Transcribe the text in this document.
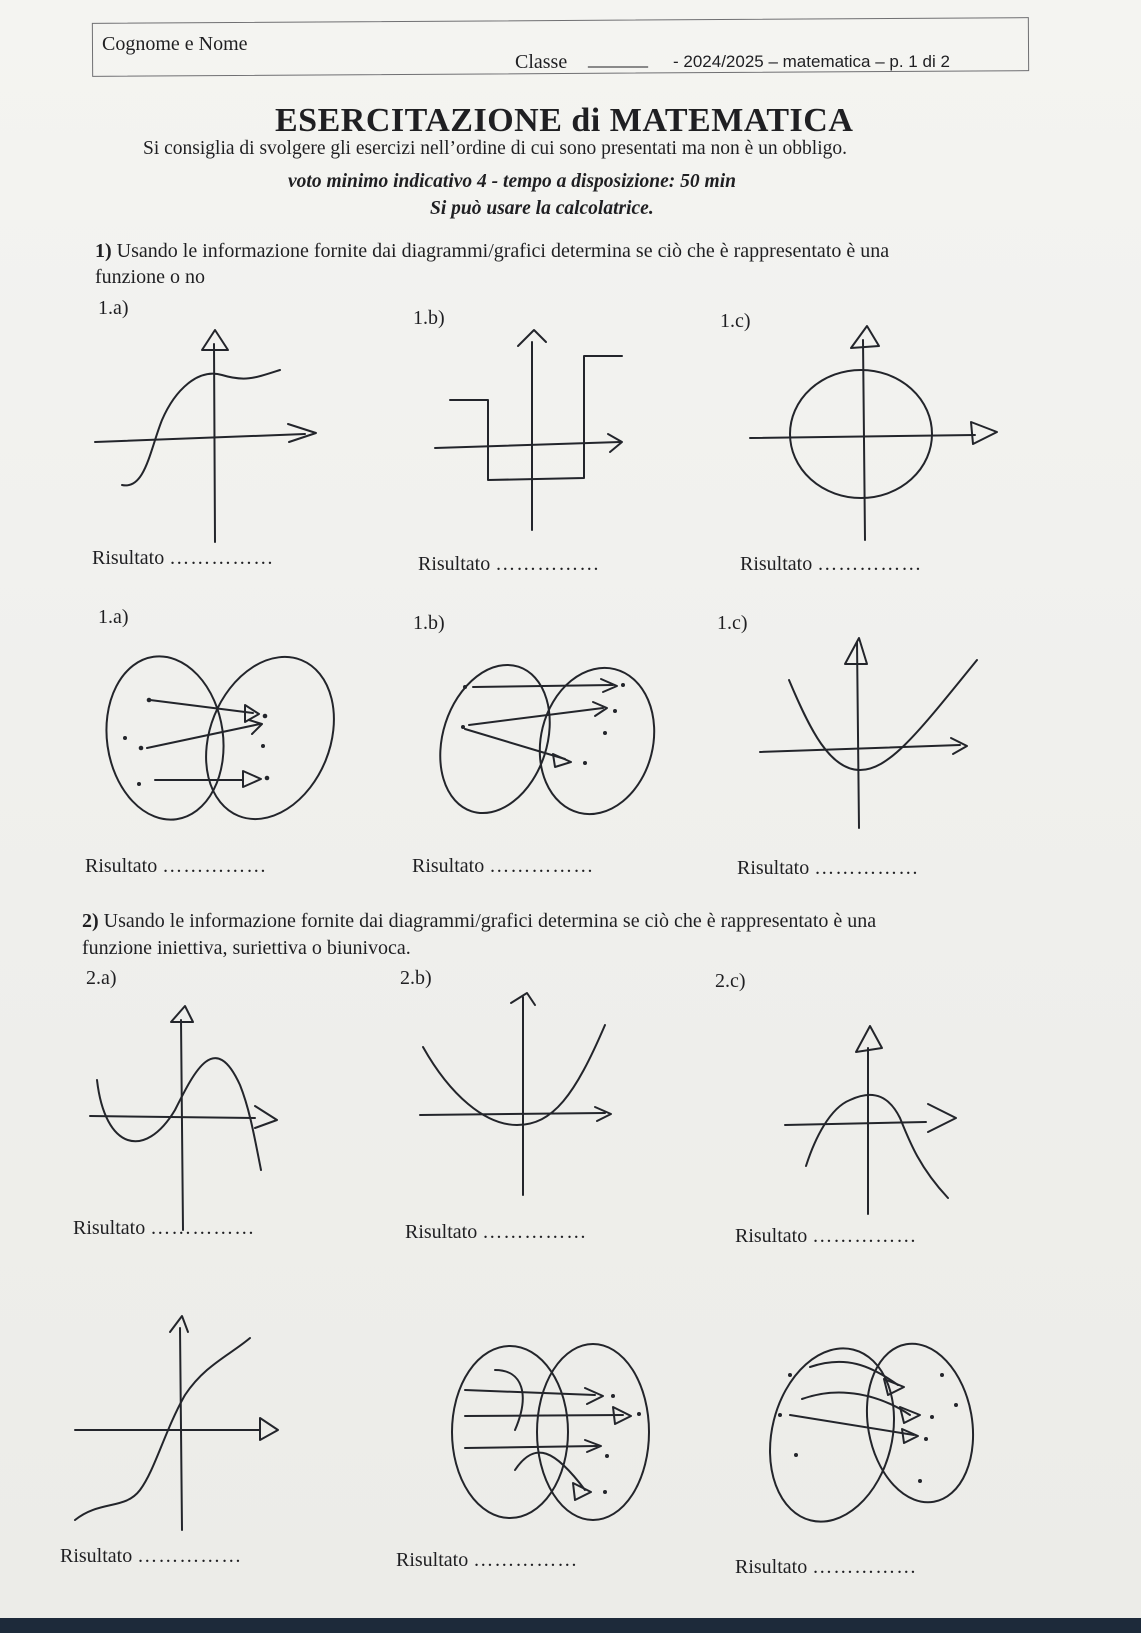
Cognome e Nome
Classe ______ - 2024/2025 – matematica – p. 1 di 2
ESERCITAZIONE di MATEMATICA
Si consiglia di svolgere gli esercizi nell’ordine di cui sono presentati ma non è un obbligo.
voto minimo indicativo 4 - tempo a disposizione: 50 min
Si può usare la calcolatrice.
1) Usando le informazione fornite dai diagrammi/grafici determina se ciò che è rappresentato è una
funzione o no
1.a)	1.b)	1.c)
Risultato ……………	Risultato ……………	Risultato ……………
1.a)	1.b)	1.c)
Risultato ……………	Risultato ……………	Risultato ……………
2) Usando le informazione fornite dai diagrammi/grafici determina se ciò che è rappresentato è una
funzione iniettiva, suriettiva o biunivoca.
2.a)	2.b)	2.c)
Risultato ……………	Risultato ……………	Risultato ……………
Risultato ……………	Risultato ……………	Risultato ……………
